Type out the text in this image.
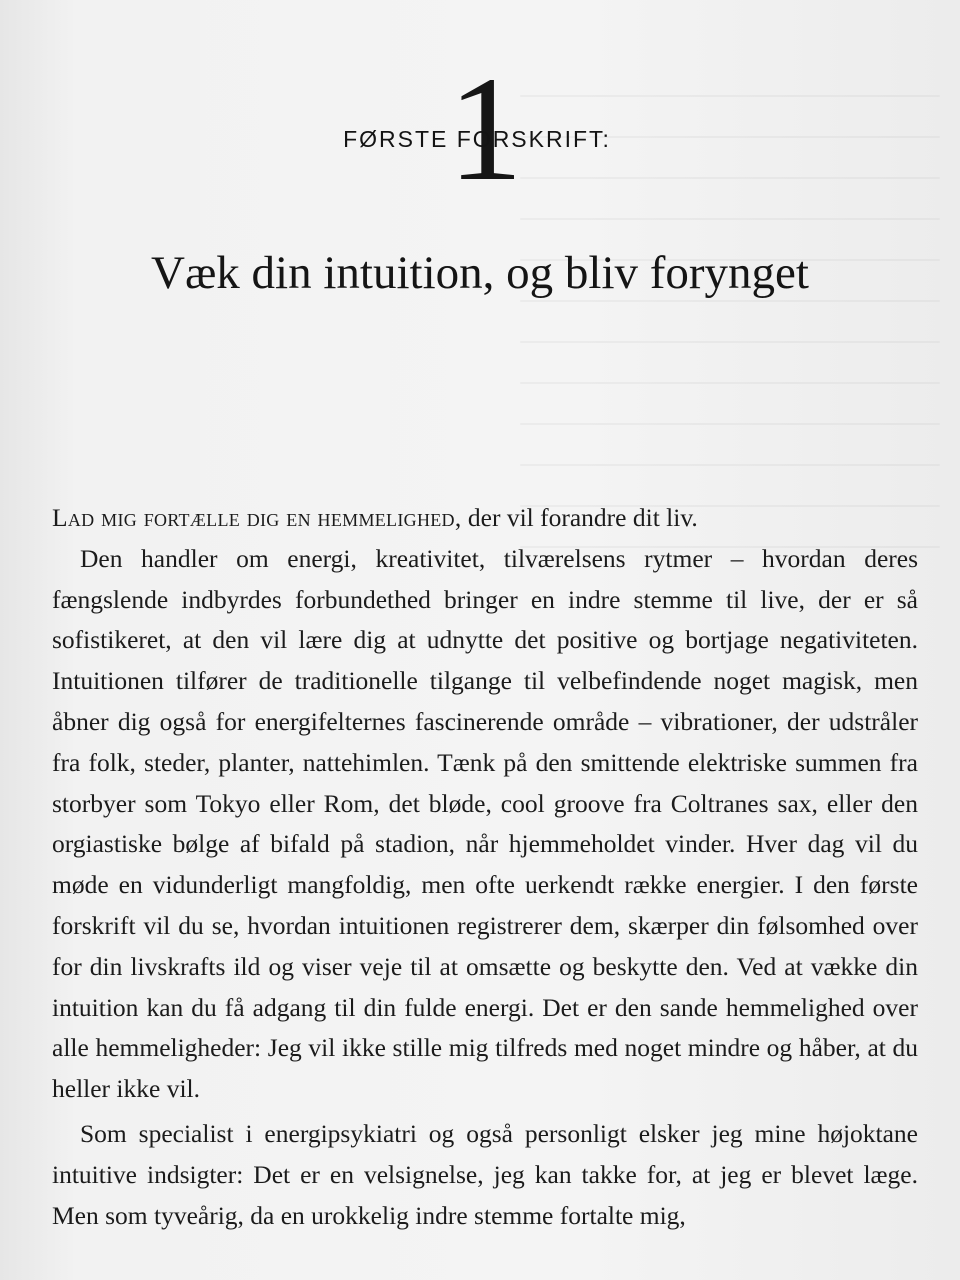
1
FØRSTE FORSKRIFT:
Væk din intuition, og bliv forynget

Lad mig fortælle dig en hemmelighed, der vil forandre dit liv.

Den handler om energi, kreativitet, tilværelsens rytmer – hvordan deres fængslende indbyrdes forbundethed bringer en indre stemme til live, der er så sofistikeret, at den vil lære dig at udnytte det positive og bortjage negativiteten. Intuitionen tilfører de traditionelle tilgange til velbefindende noget magisk, men åbner dig også for energifelternes fascinerende område – vibrationer, der udstråler fra folk, steder, planter, nattehimlen. Tænk på den smittende elektriske summen fra storbyer som Tokyo eller Rom, det bløde, cool groove fra Coltranes sax, eller den orgiastiske bølge af bifald på stadion, når hjemmeholdet vinder. Hver dag vil du møde en vidunderligt mangfoldig, men ofte uerkendt række energier. I den første forskrift vil du se, hvordan intuitionen registrerer dem, skærper din følsomhed over for din livskrafts ild og viser veje til at omsætte og beskytte den. Ved at vække din intuition kan du få adgang til din fulde energi. Det er den sande hemmelighed over alle hemmeligheder: Jeg vil ikke stille mig tilfreds med noget mindre og håber, at du heller ikke vil.

Som specialist i energipsykiatri og også personligt elsker jeg mine højoktane intuitive indsigter: Det er en velsignelse, jeg kan takke for, at jeg er blevet læge. Men som tyveårig, da en urokkelig indre stemme fortalte mig,
